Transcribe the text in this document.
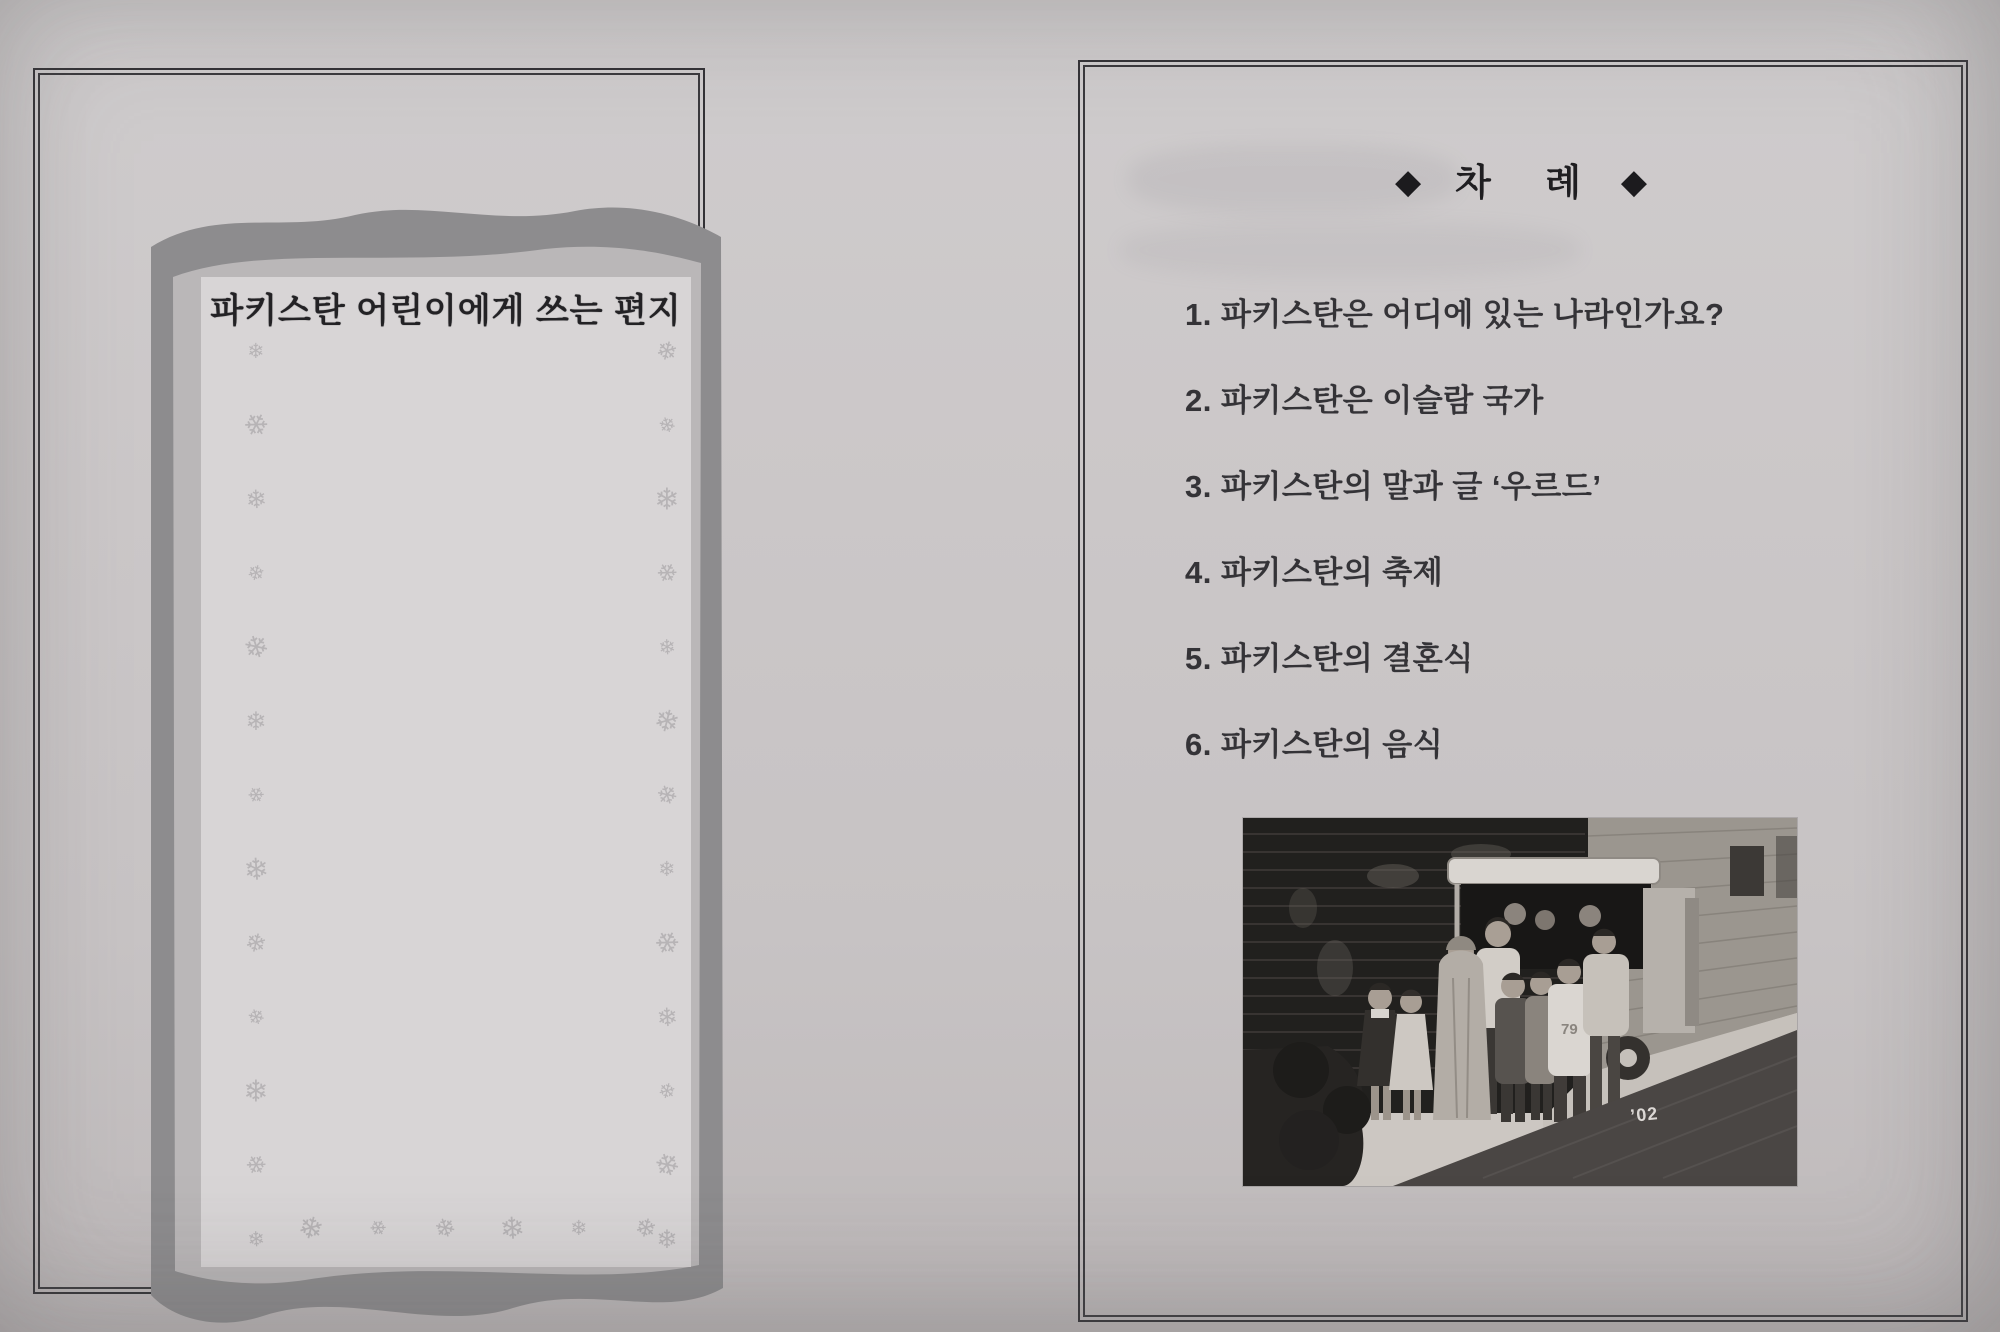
파키스탄 어린이에게 쓰는 편지
❄	❄
❄	❄
❄	❄
❄	❄
❄	❄
❄	❄
❄	❄
❄	❄
❄	❄
❄	❄
❄	❄
❄	❄
❄	❄
❄ ❄ ❄ ❄ ❄ ❄
◆ 차 례 ◆
1. 파키스탄은 어디에 있는 나라인가요?
2. 파키스탄은 이슬람 국가
3. 파키스탄의 말과 글 ‘우르드’
4. 파키스탄의 축제
5. 파키스탄의 결혼식
6. 파키스탄의 음식
79
’02
